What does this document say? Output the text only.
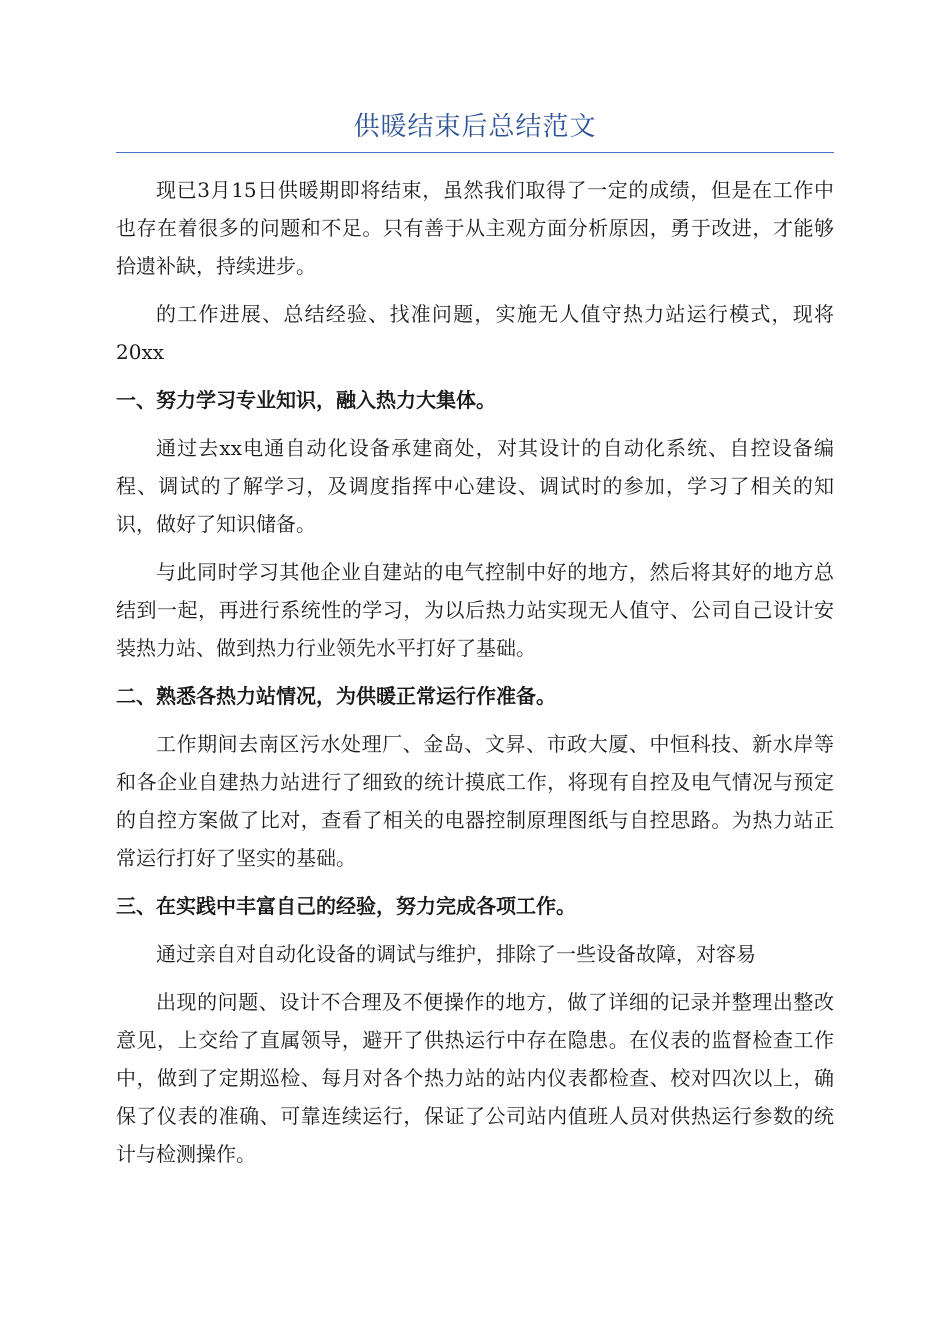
供暖结束后总结范文

现已3月15日供暖期即将结束，虽然我们取得了一定的成绩，但是在工作中也存在着很多的问题和不足。只有善于从主观方面分析原因，勇于改进，才能够拾遗补缺，持续进步。

的工作进展、总结经验、找准问题，实施无人值守热力站运行模式，现将20xx

一、努力学习专业知识，融入热力大集体。

通过去xx电通自动化设备承建商处，对其设计的自动化系统、自控设备编程、调试的了解学习，及调度指挥中心建设、调试时的参加，学习了相关的知识，做好了知识储备。

与此同时学习其他企业自建站的电气控制中好的地方，然后将其好的地方总结到一起，再进行系统性的学习，为以后热力站实现无人值守、公司自己设计安装热力站、做到热力行业领先水平打好了基础。

二、熟悉各热力站情况，为供暖正常运行作准备。

工作期间去南区污水处理厂、金岛、文昇、市政大厦、中恒科技、新水岸等和各企业自建热力站进行了细致的统计摸底工作，将现有自控及电气情况与预定的自控方案做了比对，查看了相关的电器控制原理图纸与自控思路。为热力站正常运行打好了坚实的基础。

三、在实践中丰富自己的经验，努力完成各项工作。

通过亲自对自动化设备的调试与维护，排除了一些设备故障，对容易

出现的问题、设计不合理及不便操作的地方，做了详细的记录并整理出整改意见，上交给了直属领导，避开了供热运行中存在隐患。在仪表的监督检查工作中，做到了定期巡检、每月对各个热力站的站内仪表都检查、校对四次以上，确保了仪表的准确、可靠连续运行，保证了公司站内值班人员对供热运行参数的统计与检测操作。
